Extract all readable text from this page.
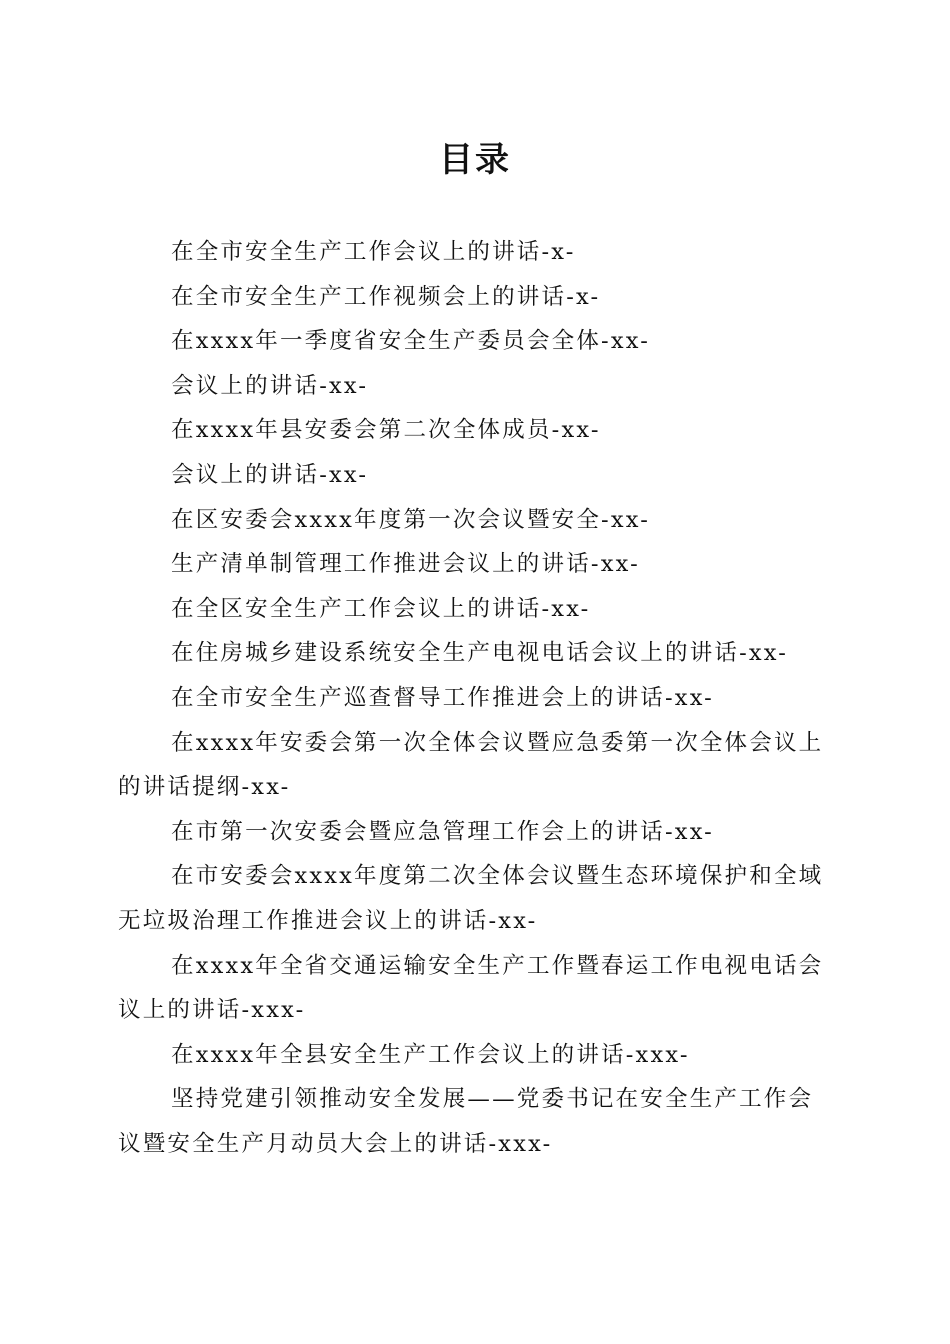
目录
在全市安全生产工作会议上的讲话-x-
在全市安全生产工作视频会上的讲话-x-
在xxxx年一季度省安全生产委员会全体-xx-
会议上的讲话-xx-
在xxxx年县安委会第二次全体成员-xx-
会议上的讲话-xx-
在区安委会xxxx年度第一次会议暨安全-xx-
生产清单制管理工作推进会议上的讲话-xx-
在全区安全生产工作会议上的讲话-xx-
在住房城乡建设系统安全生产电视电话会议上的讲话-xx-
在全市安全生产巡查督导工作推进会上的讲话-xx-
在xxxx年安委会第一次全体会议暨应急委第一次全体会议上的讲话提纲-xx-
在市第一次安委会暨应急管理工作会上的讲话-xx-
在市安委会xxxx年度第二次全体会议暨生态环境保护和全域无垃圾治理工作推进会议上的讲话-xx-
在xxxx年全省交通运输安全生产工作暨春运工作电视电话会议上的讲话-xxx-
在xxxx年全县安全生产工作会议上的讲话-xxx-
坚持党建引领推动安全发展——党委书记在安全生产工作会议暨安全生产月动员大会上的讲话-xxx-
